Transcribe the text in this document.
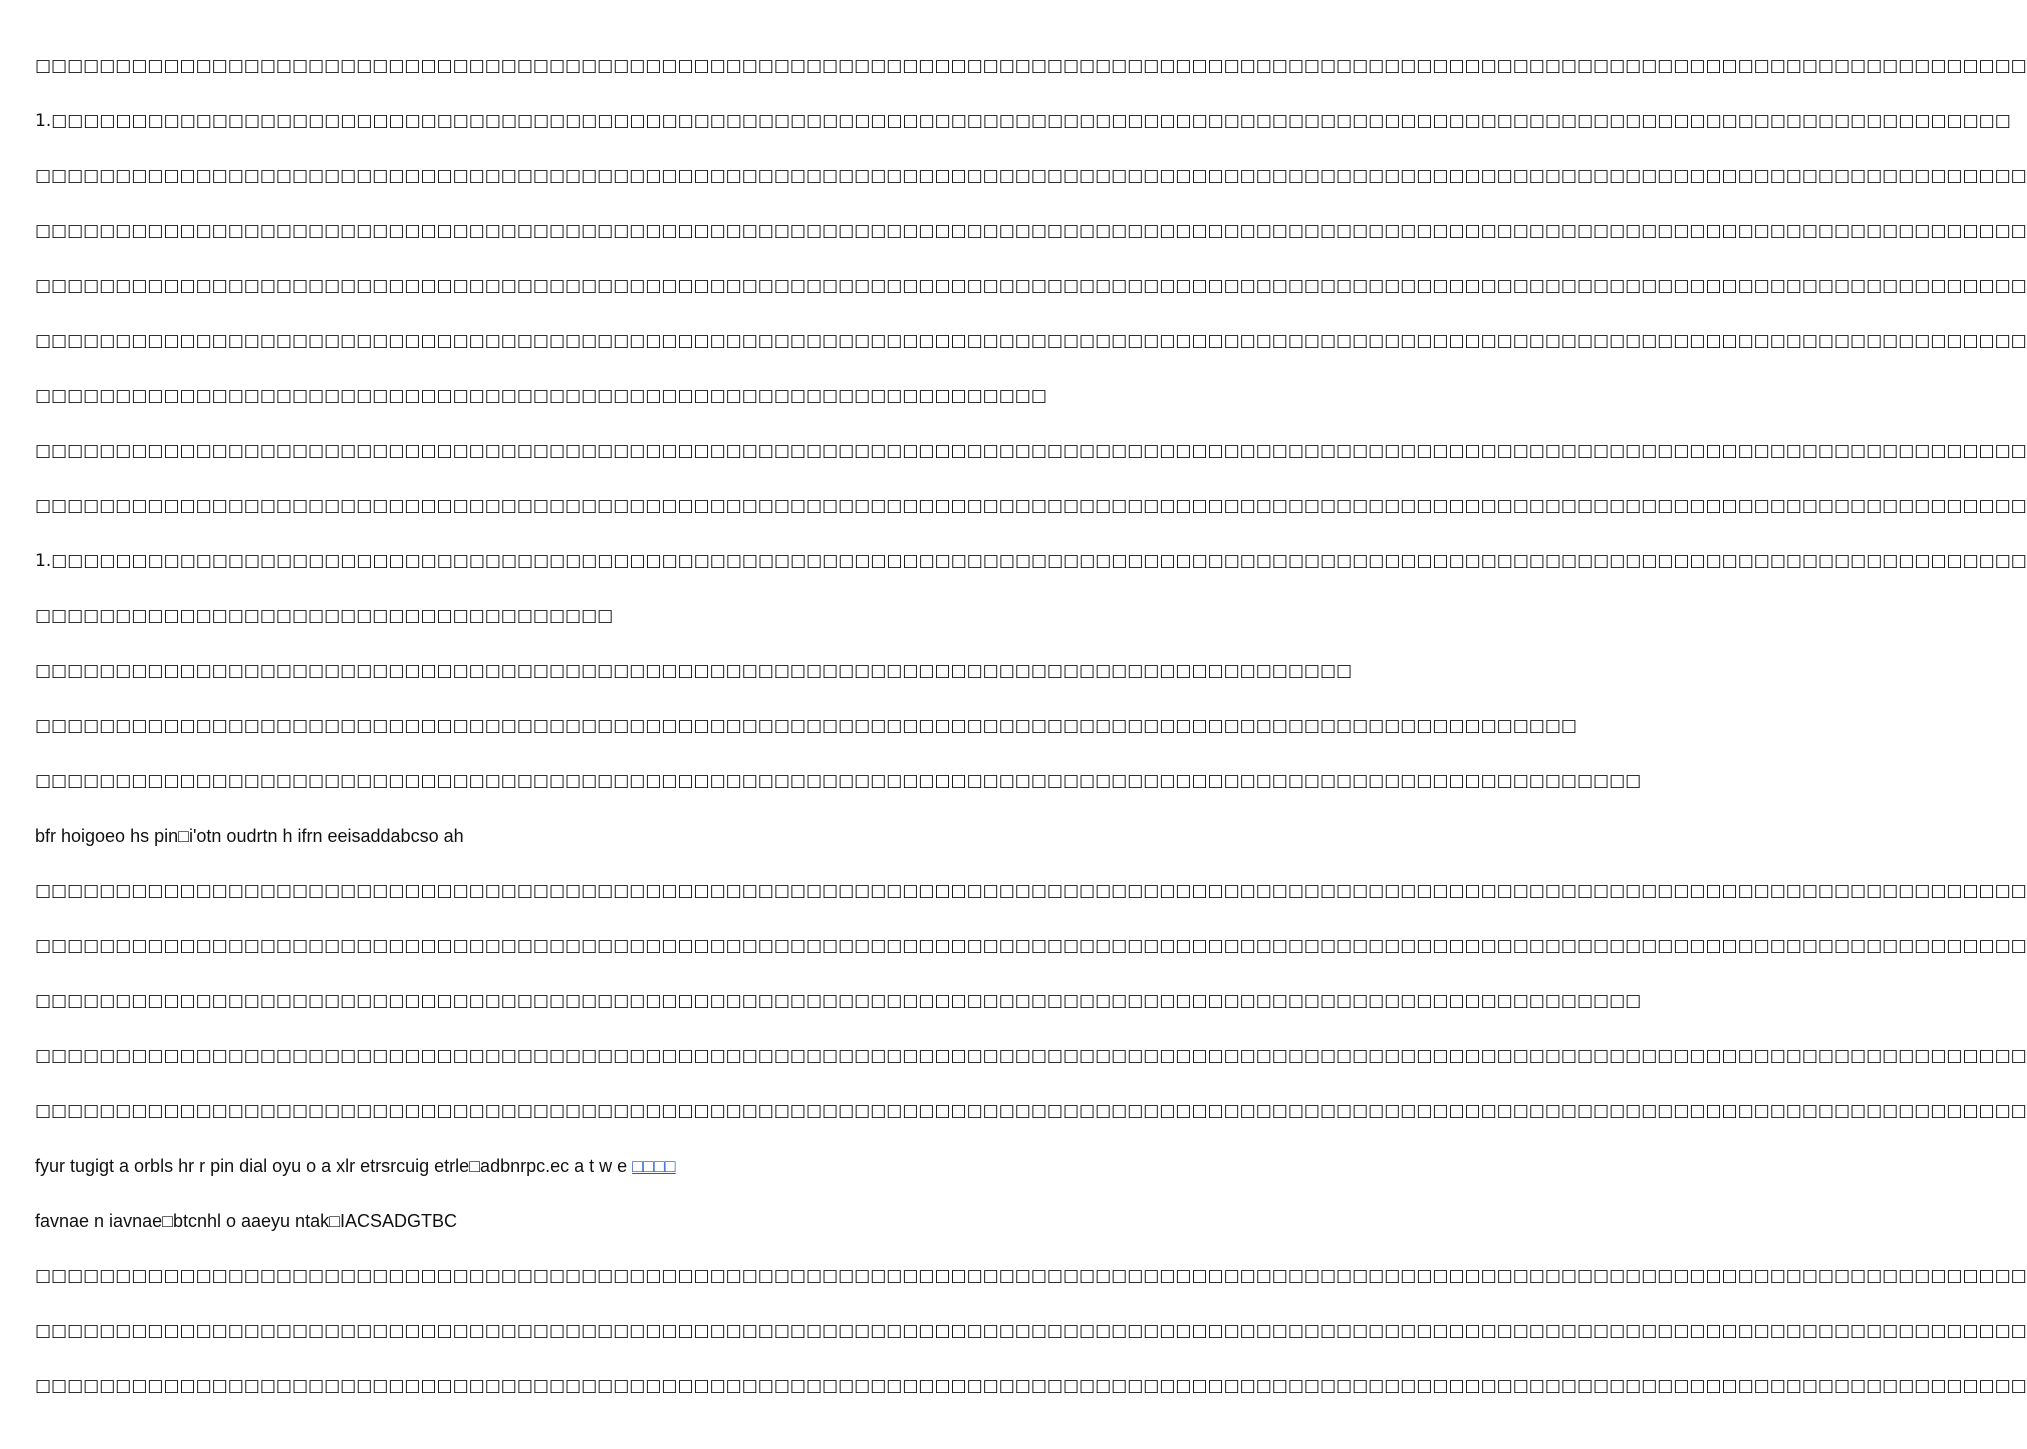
□□□□□□□□□□□□□□□□□□□□□□□□□□□□□□□□□□□□□□□□□□□□□□□□□□□□□□□□□□□□□□□□□□□□□□□□□□□□□□□□□□□□□□□□□□□□□□□□□□□□□□□□□□□□□□□□□□□□□□□□□□□□
1.□□□□□□□□□□□□□□□□□□□□□□□□□□□□□□□□□□□□□□□□□□□□□□□□□□□□□□□□□□□□□□□□□□□□□□□□□□□□□□□□□□□□□□□□□□□□□□□□□□□□□□□□□□□□□□□□□□□□□□□□□□
□□□□□□□□□□□□□□□□□□□□□□□□□□□□□□□□□□□□□□□□□□□□□□□□□□□□□□□□□□□□□□□□□□□□□□□□□□□□□□□□□□□□□□□□□□□□□□□□□□□□□□□□□□□□□□□□□□□□□□□□□□□□
□□□□□□□□□□□□□□□□□□□□□□□□□□□□□□□□□□□□□□□□□□□□□□□□□□□□□□□□□□□□□□□□□□□□□□□□□□□□□□□□□□□□□□□□□□□□□□□□□□□□□□□□□□□□□□□□□□□□□□□□□□□□
□□□□□□□□□□□□□□□□□□□□□□□□□□□□□□□□□□□□□□□□□□□□□□□□□□□□□□□□□□□□□□□□□□□□□□□□□□□□□□□□□□□□□□□□□□□□□□□□□□□□□□□□□□□□□□□□□□□□□□□□□□□□
□□□□□□□□□□□□□□□□□□□□□□□□□□□□□□□□□□□□□□□□□□□□□□□□□□□□□□□□□□□□□□□□□□□□□□□□□□□□□□□□□□□□□□□□□□□□□□□□□□□□□□□□□□□□□□□□□□□□□□□□□□□□
□□□□□□□□□□□□□□□□□□□□□□□□□□□□□□□□□□□□□□□□□□□□□□□□□□□□□□□□□□□□□□□
□□□□□□□□□□□□□□□□□□□□□□□□□□□□□□□□□□□□□□□□□□□□□□□□□□□□□□□□□□□□□□□□□□□□□□□□□□□□□□□□□□□□□□□□□□□□□□□□□□□□□□□□□□□□□□□□□□□□□□□□□□□□
□□□□□□□□□□□□□□□□□□□□□□□□□□□□□□□□□□□□□□□□□□□□□□□□□□□□□□□□□□□□□□□□□□□□□□□□□□□□□□□□□□□□□□□□□□□□□□□□□□□□□□□□□□□□□□□□□□□□□□□□□□□□
1.□□□□□□□□□□□□□□□□□□□□□□□□□□□□□□□□□□□□□□□□□□□□□□□□□□□□□□□□□□□□□□□□□□□□□□□□□□□□□□□□□□□□□□□□□□□□□□□□□□□□□□□□□□□□□□□□□□□□□□□□□□□
□□□□□□□□□□□□□□□□□□□□□□□□□□□□□□□□□□□□
□□□□□□□□□□□□□□□□□□□□□□□□□□□□□□□□□□□□□□□□□□□□□□□□□□□□□□□□□□□□□□□□□□□□□□□□□□□□□□□□□□
□□□□□□□□□□□□□□□□□□□□□□□□□□□□□□□□□□□□□□□□□□□□□□□□□□□□□□□□□□□□□□□□□□□□□□□□□□□□□□□□□□□□□□□□□□□□□□□□
□□□□□□□□□□□□□□□□□□□□□□□□□□□□□□□□□□□□□□□□□□□□□□□□□□□□□□□□□□□□□□□□□□□□□□□□□□□□□□□□□□□□□□□□□□□□□□□□□□□□
bfr hoigoeo hs pin□i'otn oudrtn h ifrn eeisaddabcso ah
□□□□□□□□□□□□□□□□□□□□□□□□□□□□□□□□□□□□□□□□□□□□□□□□□□□□□□□□□□□□□□□□□□□□□□□□□□□□□□□□□□□□□□□□□□□□□□□□□□□□□□□□□□□□□□□□□□□□□□□□□□□□
□□□□□□□□□□□□□□□□□□□□□□□□□□□□□□□□□□□□□□□□□□□□□□□□□□□□□□□□□□□□□□□□□□□□□□□□□□□□□□□□□□□□□□□□□□□□□□□□□□□□□□□□□□□□□□□□□□□□□□□□□□□□
□□□□□□□□□□□□□□□□□□□□□□□□□□□□□□□□□□□□□□□□□□□□□□□□□□□□□□□□□□□□□□□□□□□□□□□□□□□□□□□□□□□□□□□□□□□□□□□□□□□□
□□□□□□□□□□□□□□□□□□□□□□□□□□□□□□□□□□□□□□□□□□□□□□□□□□□□□□□□□□□□□□□□□□□□□□□□□□□□□□□□□□□□□□□□□□□□□□□□□□□□□□□□□□□□□□□□□□□□□□□□□□□□
□□□□□□□□□□□□□□□□□□□□□□□□□□□□□□□□□□□□□□□□□□□□□□□□□□□□□□□□□□□□□□□□□□□□□□□□□□□□□□□□□□□□□□□□□□□□□□□□□□□□□□□□□□□□□□□□□□□□□□□□□□□□
fyur tugigt a orbls hr r pin dial oyu o a xlr etrsrcuig etrle□adbnrpc.ec a t w e □□□□
favnae n iavnae□btcnhl o aaeyu ntak□IACSADGTBC
□□□□□□□□□□□□□□□□□□□□□□□□□□□□□□□□□□□□□□□□□□□□□□□□□□□□□□□□□□□□□□□□□□□□□□□□□□□□□□□□□□□□□□□□□□□□□□□□□□□□□□□□□□□□□□□□□□□□□□□□□□□□
□□□□□□□□□□□□□□□□□□□□□□□□□□□□□□□□□□□□□□□□□□□□□□□□□□□□□□□□□□□□□□□□□□□□□□□□□□□□□□□□□□□□□□□□□□□□□□□□□□□□□□□□□□□□□□□□□□□□□□□□□□□□
□□□□□□□□□□□□□□□□□□□□□□□□□□□□□□□□□□□□□□□□□□□□□□□□□□□□□□□□□□□□□□□□□□□□□□□□□□□□□□□□□□□□□□□□□□□□□□□□□□□□□□□□□□□□□□□□□□□□□□□□□□□□
